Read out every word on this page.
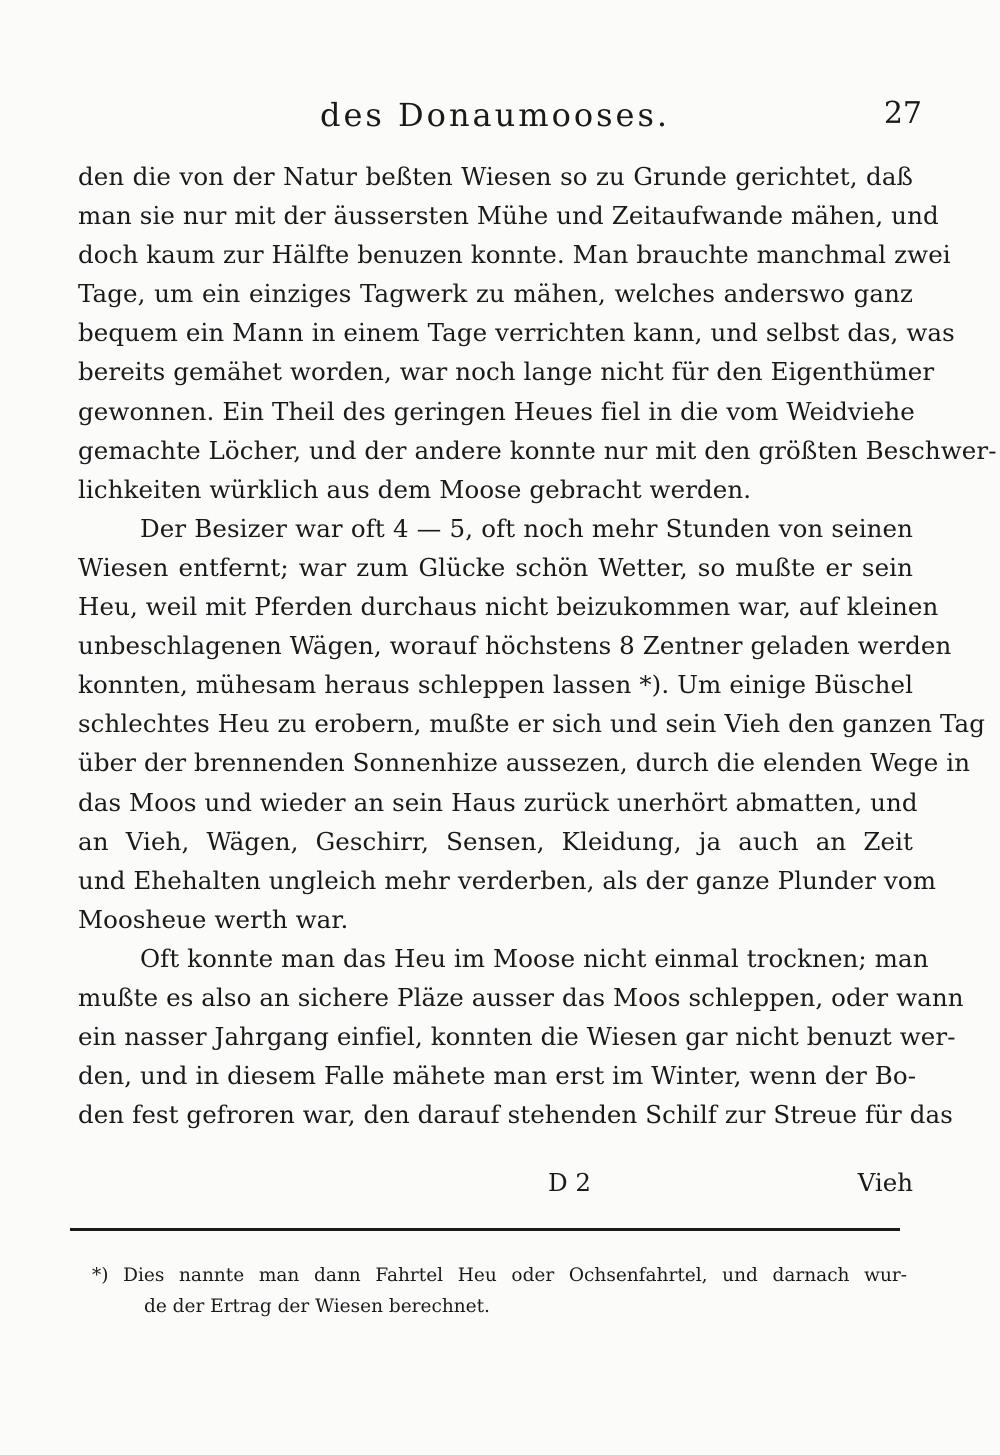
des Donaumooses.	27
den die von der Natur beßten Wiesen so zu Grunde gerichtet, daß
man sie nur mit der äussersten Mühe und Zeitaufwande mähen, und
doch kaum zur Hälfte benuzen konnte. Man brauchte manchmal zwei
Tage, um ein einziges Tagwerk zu mähen, welches anderswo ganz
bequem ein Mann in einem Tage verrichten kann, und selbst das, was
bereits gemähet worden, war noch lange nicht für den Eigenthümer
gewonnen. Ein Theil des geringen Heues fiel in die vom Weidviehe
gemachte Löcher, und der andere konnte nur mit den größten Beschwer-
lichkeiten würklich aus dem Moose gebracht werden.
Der Besizer war oft 4 — 5, oft noch mehr Stunden von seinen
Wiesen entfernt; war zum Glücke schön Wetter, so mußte er sein
Heu, weil mit Pferden durchaus nicht beizukommen war, auf kleinen
unbeschlagenen Wägen, worauf höchstens 8 Zentner geladen werden
konnten, mühesam heraus schleppen lassen *). Um einige Büschel
schlechtes Heu zu erobern, mußte er sich und sein Vieh den ganzen Tag
über der brennenden Sonnenhize aussezen, durch die elenden Wege in
das Moos und wieder an sein Haus zurück unerhört abmatten, und
an Vieh, Wägen, Geschirr, Sensen, Kleidung, ja auch an Zeit
und Ehehalten ungleich mehr verderben, als der ganze Plunder vom
Moosheue werth war.
Oft konnte man das Heu im Moose nicht einmal trocknen; man
mußte es also an sichere Pläze ausser das Moos schleppen, oder wann
ein nasser Jahrgang einfiel, konnten die Wiesen gar nicht benuzt wer-
den, und in diesem Falle mähete man erst im Winter, wenn der Bo-
den fest gefroren war, den darauf stehenden Schilf zur Streue für das
D 2	Vieh
*) Dies nannte man dann Fahrtel Heu oder Ochsenfahrtel, und darnach wur-
de der Ertrag der Wiesen berechnet.
